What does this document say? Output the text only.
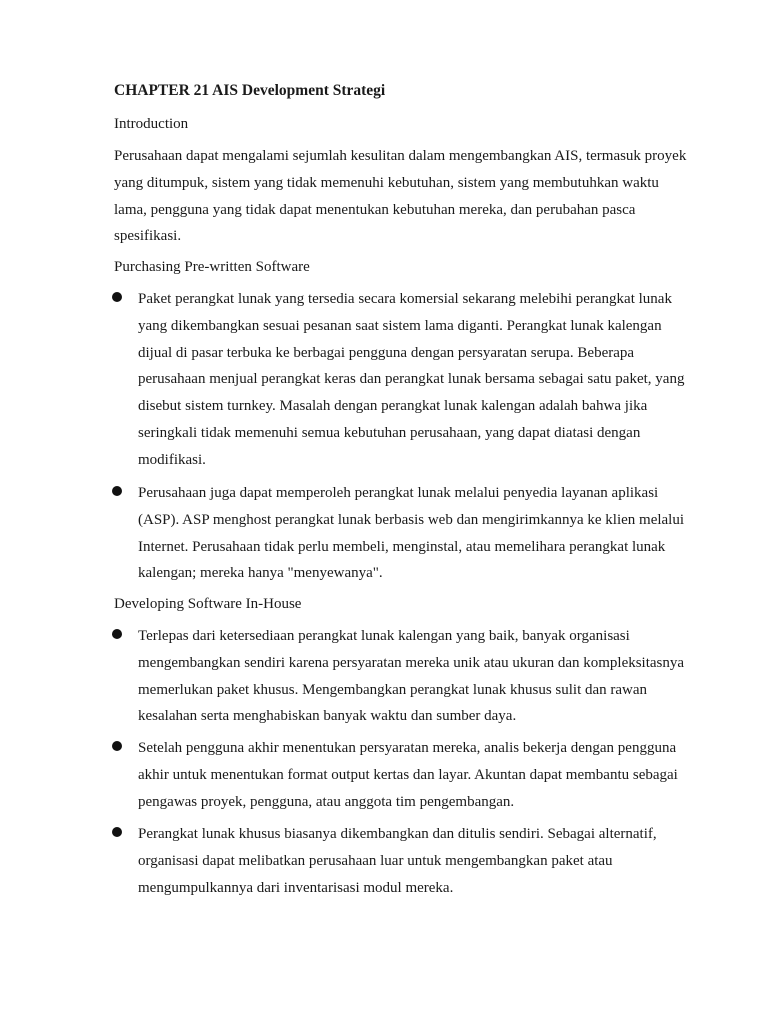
CHAPTER 21 AIS Development Strategi

Introduction

Perusahaan dapat mengalami sejumlah kesulitan dalam mengembangkan AIS, termasuk proyek
yang ditumpuk, sistem yang tidak memenuhi kebutuhan, sistem yang membutuhkan waktu
lama, pengguna yang tidak dapat menentukan kebutuhan mereka, dan perubahan pasca
spesifikasi.

Purchasing Pre-written Software

Paket perangkat lunak yang tersedia secara komersial sekarang melebihi perangkat lunak
yang dikembangkan sesuai pesanan saat sistem lama diganti. Perangkat lunak kalengan
dijual di pasar terbuka ke berbagai pengguna dengan persyaratan serupa. Beberapa
perusahaan menjual perangkat keras dan perangkat lunak bersama sebagai satu paket, yang
disebut sistem turnkey. Masalah dengan perangkat lunak kalengan adalah bahwa jika
seringkali tidak memenuhi semua kebutuhan perusahaan, yang dapat diatasi dengan
modifikasi.
Perusahaan juga dapat memperoleh perangkat lunak melalui penyedia layanan aplikasi
(ASP). ASP menghost perangkat lunak berbasis web dan mengirimkannya ke klien melalui
Internet. Perusahaan tidak perlu membeli, menginstal, atau memelihara perangkat lunak
kalengan; mereka hanya "menyewanya".

Developing Software In-House

Terlepas dari ketersediaan perangkat lunak kalengan yang baik, banyak organisasi
mengembangkan sendiri karena persyaratan mereka unik atau ukuran dan kompleksitasnya
memerlukan paket khusus. Mengembangkan perangkat lunak khusus sulit dan rawan
kesalahan serta menghabiskan banyak waktu dan sumber daya.
Setelah pengguna akhir menentukan persyaratan mereka, analis bekerja dengan pengguna
akhir untuk menentukan format output kertas dan layar. Akuntan dapat membantu sebagai
pengawas proyek, pengguna, atau anggota tim pengembangan.
Perangkat lunak khusus biasanya dikembangkan dan ditulis sendiri. Sebagai alternatif,
organisasi dapat melibatkan perusahaan luar untuk mengembangkan paket atau
mengumpulkannya dari inventarisasi modul mereka.
